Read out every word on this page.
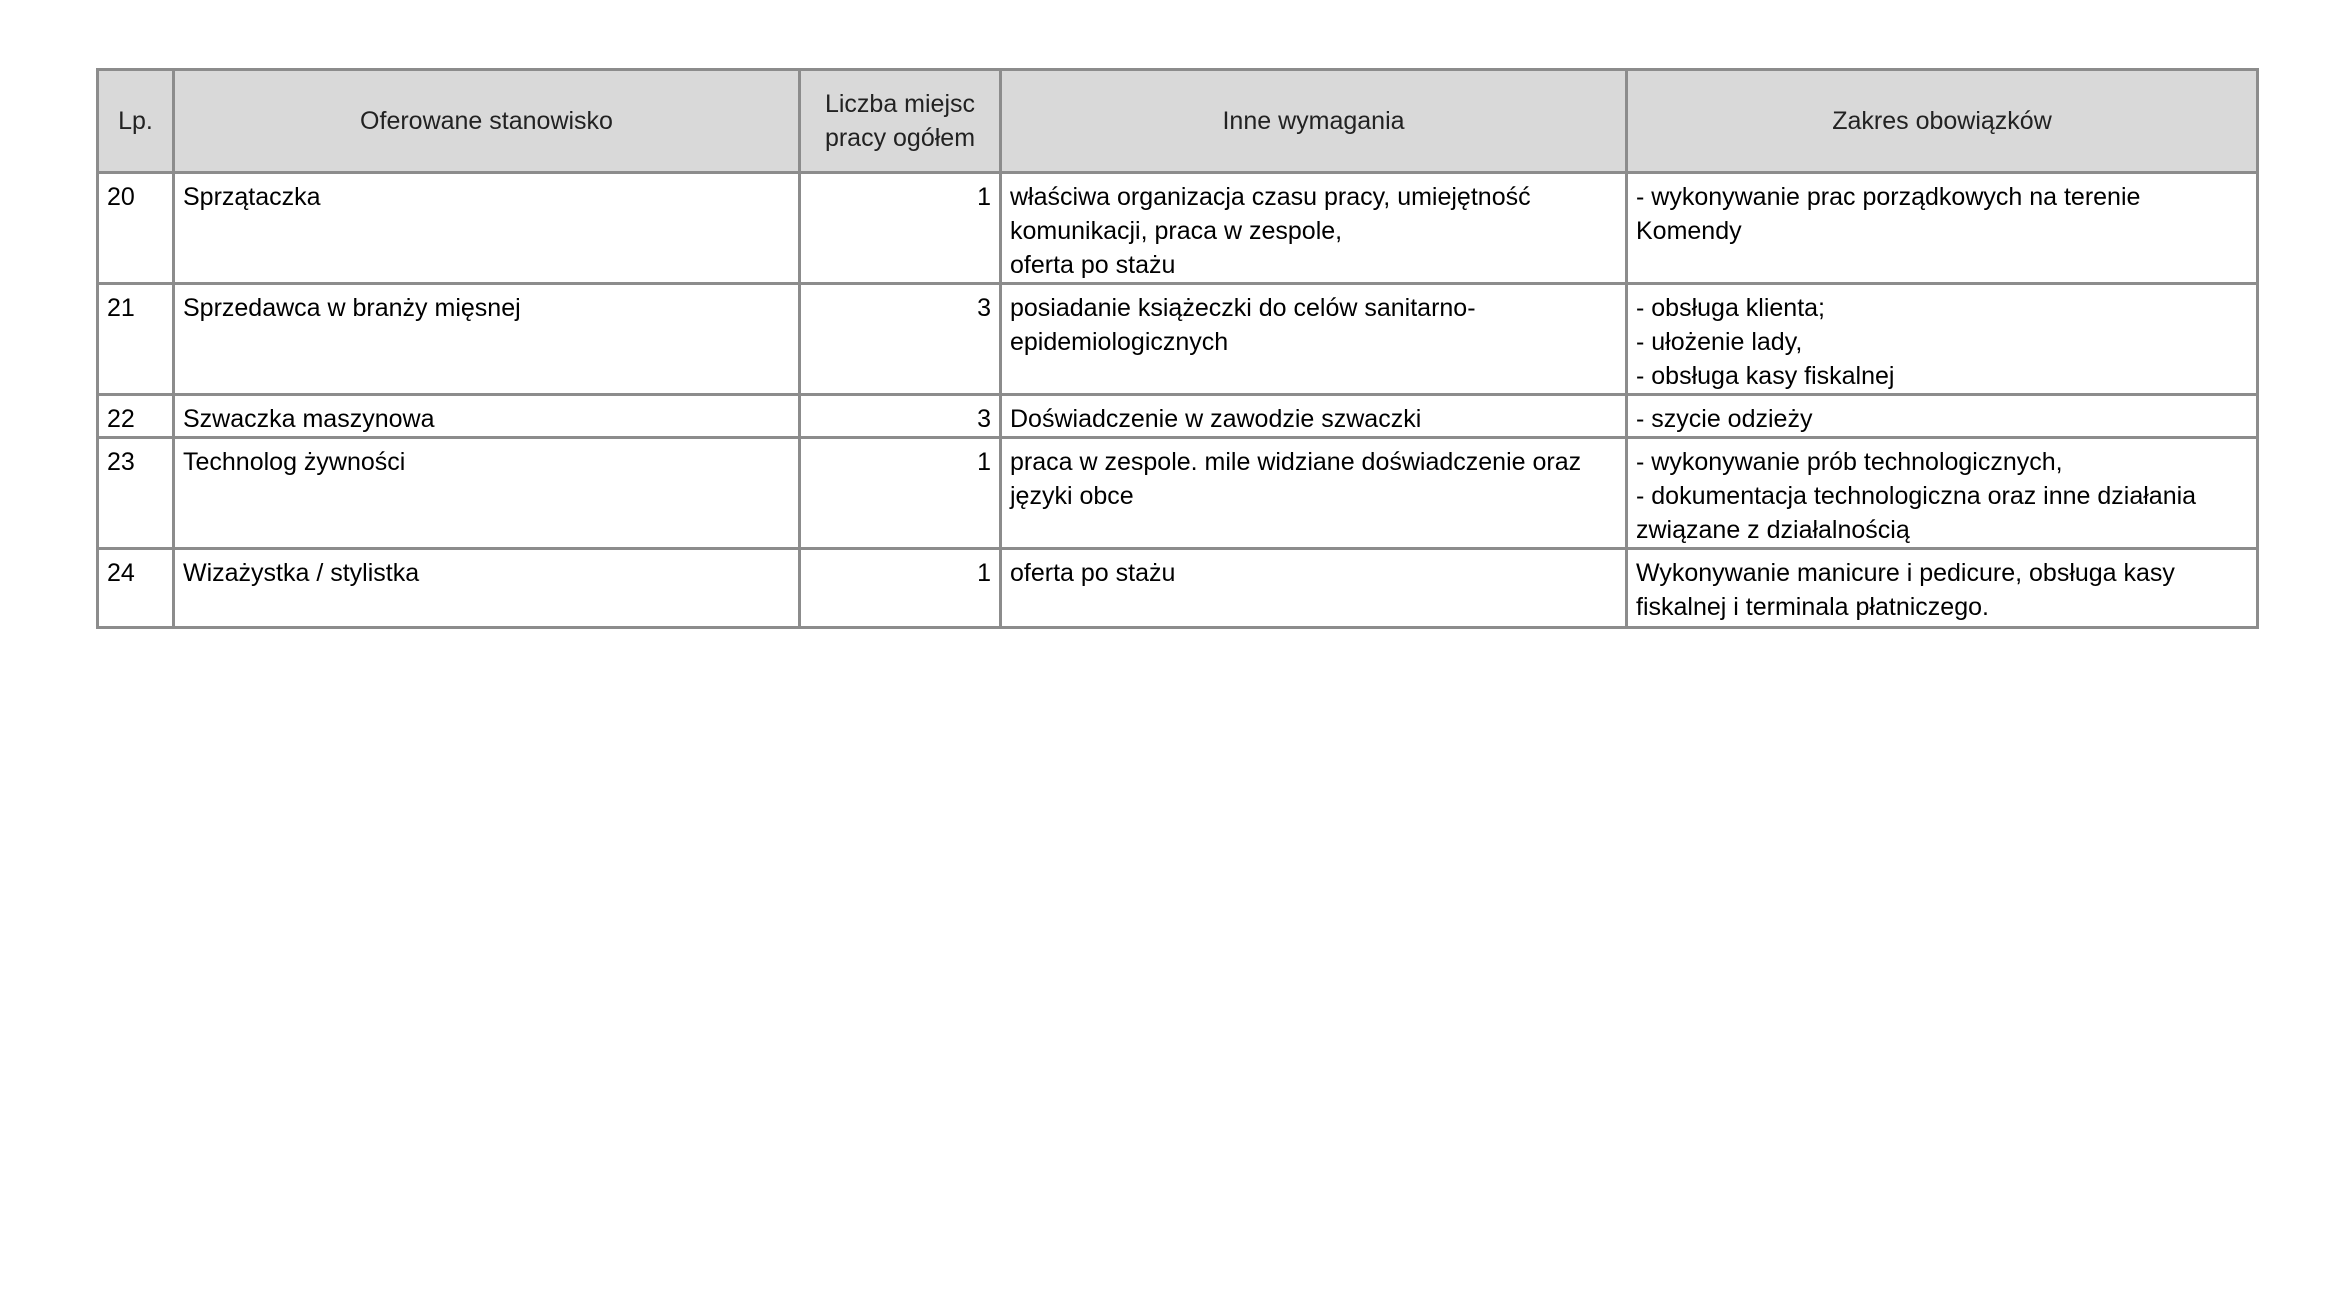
Lp.	Oferowane stanowisko	Liczba miejsc
pracy ogółem	Inne wymagania	Zakres obowiązków

20	Sprzątaczka	1	właściwa organizacja czasu pracy, umiejętność
komunikacji, praca w zespole,
oferta po stażu	- wykonywanie prac porządkowych na terenie
Komendy

21	Sprzedawca w branży mięsnej	3	posiadanie książeczki do celów sanitarno-
epidemiologicznych	- obsługa klienta;
- ułożenie lady,
- obsługa kasy fiskalnej

22	Szwaczka maszynowa	3	Doświadczenie w zawodzie szwaczki	- szycie odzieży

23	Technolog żywności	1	praca w zespole. mile widziane doświadczenie oraz
języki obce	- wykonywanie prób technologicznych,
- dokumentacja technologiczna oraz inne działania
związane z działalnością

24	Wizażystka / stylistka	1	oferta po stażu	Wykonywanie manicure i pedicure, obsługa kasy
fiskalnej i terminala płatniczego.
